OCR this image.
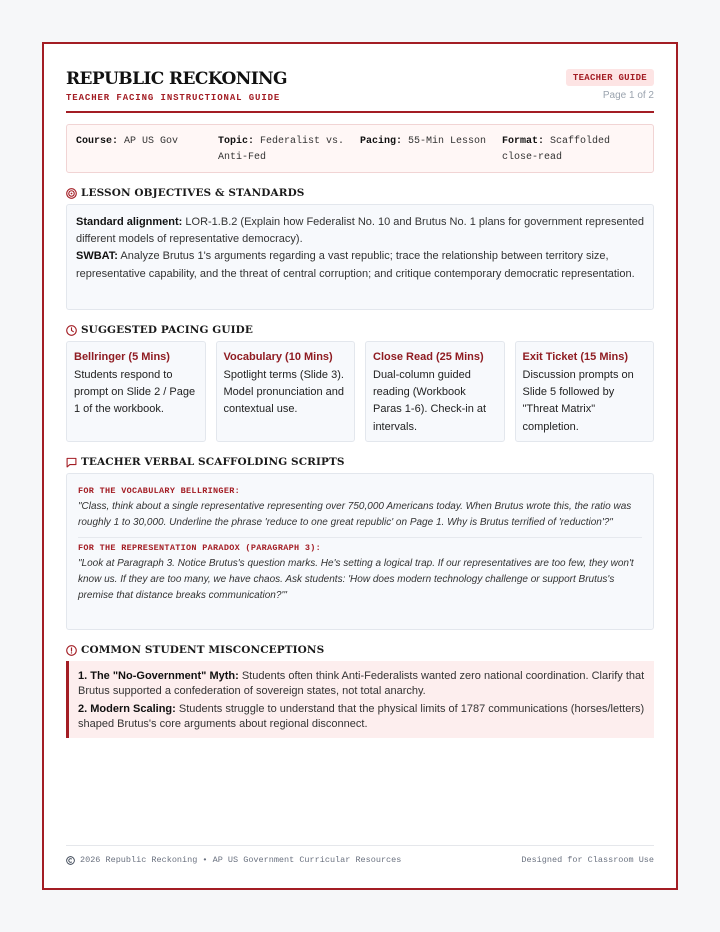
REPUBLIC RECKONING
TEACHER FACING INSTRUCTIONAL GUIDE
TEACHER GUIDE
Page 1 of 2
Course: AP US Gov	Topic: Federalist vs. Anti-Fed
Pacing: 55-Min Lesson	Format: Scaffolded close-read
LESSON OBJECTIVES & STANDARDS
Standard alignment: LOR-1.B.2 (Explain how Federalist No. 10 and Brutus No. 1 plans for government represented different models of representative democracy).
SWBAT: Analyze Brutus 1's arguments regarding a vast republic; trace the relationship between territory size, representative capability, and the threat of central corruption; and critique contemporary democratic representation.
SUGGESTED PACING GUIDE
Bellringer (5 Mins)
Students respond to prompt on Slide 2 / Page 1 of the workbook.
Vocabulary (10 Mins)
Spotlight terms (Slide 3). Model pronunciation and contextual use.
Close Read (25 Mins)
Dual-column guided reading (Workbook Paras 1-6). Check-in at intervals.
Exit Ticket (15 Mins)
Discussion prompts on Slide 5 followed by "Threat Matrix" completion.
TEACHER VERBAL SCAFFOLDING SCRIPTS
FOR THE VOCABULARY BELLRINGER:
"Class, think about a single representative representing over 750,000 Americans today. When Brutus wrote this, the ratio was roughly 1 to 30,000. Underline the phrase 'reduce to one great republic' on Page 1. Why is Brutus terrified of 'reduction'?"
FOR THE REPRESENTATION PARADOX (PARAGRAPH 3):
"Look at Paragraph 3. Notice Brutus's question marks. He's setting a logical trap. If our representatives are too few, they won't know us. If they are too many, we have chaos. Ask students: 'How does modern technology challenge or support Brutus's premise that distance breaks communication?'"
COMMON STUDENT MISCONCEPTIONS

1. The "No-Government" Myth: Students often think Anti-Federalists wanted zero national coordination. Clarify that Brutus supported a confederation of sovereign states, not total anarchy.

2. Modern Scaling: Students struggle to understand that the physical limits of 1787 communications (horses/letters) shaped Brutus's core arguments about regional disconnect.

2026 Republic Reckoning • AP US Government Curricular Resources	Designed for Classroom Use
